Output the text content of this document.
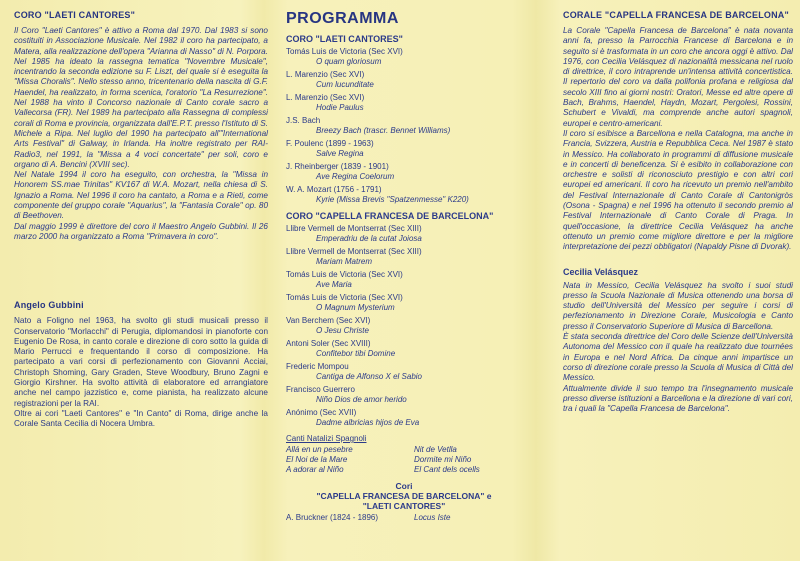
CORO "LAETI CANTORES"

Il Coro "Laeti Cantores" è attivo a Roma dal 1970. Dal 1983 si sono costituiti in Associazione Musicale. Nel 1982 il coro ha partecipato, a Matera, alla realizzazione dell'opera "Arianna di Nasso" di N. Porpora. Nel 1985 ha ideato la rassegna tematica "Novembre Musicale", incentrando la seconda edizione su F. Liszt, del quale si è eseguita la "Missa Choralis". Nello stesso anno, tricentenario della nascita di G.F. Haendel, ha realizzato, in forma scenica, l'oratorio "La Resurrezione". Nel 1988 ha vinto il Concorso nazionale di Canto corale sacro a Vallecorsa (FR). Nel 1989 ha partecipato alla Rassegna di complessi corali di Roma e provincia, organizzata dall'E.P.T. presso l'Istituto di S. Michele a Ripa. Nel luglio del 1990 ha partecipato all'"International Arts Festival" di Galway, in Irlanda. Ha inoltre registrato per RAI-Radio3, nel 1991, la "Missa a 4 voci concertate" per soli, coro e organo di A. Bencini (XVIII sec).

Nel Natale 1994 il coro ha eseguito, con orchestra, la "Missa in Honorem SS.mae Trinitas" KV167 di W.A. Mozart, nella chiesa di S. Ignazio a Roma. Nel 1996 il coro ha cantato, a Roma e a Rieti, come componente del gruppo corale "Aquarius", la "Fantasia Corale" op. 80 di Beethoven.

Dal maggio 1999 è direttore del coro il Maestro Angelo Gubbini. Il 26 marzo 2000 ha organizzato a Roma "Primavera in coro".

Angelo Gubbini

Nato a Foligno nel 1963, ha svolto gli studi musicali presso il Conservatorio "Morlacchi" di Perugia, diplomandosi in pianoforte con Eugenio De Rosa, in canto corale e direzione di coro sotto la guida di Mario Perrucci e frequentando il corso di composizione. Ha partecipato a vari corsi di perfezionamento con Giovanni Acciai, Christoph Shoming, Gary Graden, Steve Woodbury, Bruno Zagni e Giorgio Kirshner. Ha svolto attività di elaboratore ed arrangiatore anche nel campo jazzistico e, come pianista, ha realizzato alcune registrazioni per la RAI.

Oltre ai cori "Laeti Cantores" e "In Canto" di Roma, dirige anche la Corale Santa Cecilia di Nocera Umbra.

PROGRAMMA
CORO "LAETI CANTORES"
Tomás Luis de Victoria (Sec XVI)
O quam gloriosum
L. Marenzio (Sec XVI)
Cum lucunditate
L. Marenzio (Sec XVI)
Hodie Paulus
J.S. Bach
Breezy Bach (trascr. Bennet Williams)
F. Poulenc (1899 - 1963)
Salve Regina
J. Rheinberger (1839 - 1901)
Ave Regina Coelorum
W. A. Mozart (1756 - 1791)
Kyrie (Missa Brevis "Spatzenmesse" K220)
CORO "CAPELLA FRANCESA DE BARCELONA"
Llibre Vermell de Montserrat (Sec XIII)
Emperadriu de la cutat Joiosa
Llibre Vermell de Montserrat (Sec XIII)
Mariam Matrem
Tomás Luis de Victoria (Sec XVI)
Ave Maria
Tomás Luis de Victoria (Sec XVI)
O Magnum Mysterium
Van Berchem (Sec XVI)
O Jesu Christe
Antoni Soler (Sec XVIII)
Confitebor tibi Domine
Frederic Mompou
Cantiga de Alfonso X el Sabio
Francisco Guerrero
Niño Dios de amor herido
Anónimo (Sec XVII)
Dadme albricias hijos de Eva
Canti Natalizi Spagnoli
Allá en un pesebre
El Noi de la Mare
A adorar al Niño
Nit de Vetlla
Dormite mi Niño
El Cant dels ocells
Cori
"CAPELLA FRANCESA DE BARCELONA" e
"LAETI CANTORES"
A. Bruckner (1824 - 1896)	Locus Iste
CORALE "CAPELLA FRANCESA DE BARCELONA"

La Corale "Capella Francesa de Barcelona" è nata novanta anni fa, presso la Parrocchia Francese di Barcelona e in seguito si è trasformata in un coro che ancora oggi è attivo. Dal 1976, con Cecilia Velásquez di nazionalità messicana nel ruolo di direttrice, il coro intraprende un'intensa attività concertistica. Il repertorio del coro va dalla polifonia profana e religiosa dal secolo XIII fino ai giorni nostri: Oratori, Messe ed altre opere di Bach, Brahms, Haendel, Haydn, Mozart, Pergolesi, Rossini, Schubert e Vivaldi, ma comprende anche autori spagnoli, europei e centro-americani.

Il coro si esibisce a Barcellona e nella Catalogna, ma anche in Francia, Svizzera, Austria e Repubblica Ceca. Nel 1987 è stato in Messico. Ha collaborato in programmi di diffusione musicale e in concerti di beneficenza. Si è esibito in collaborazione con orchestre e solisti di riconosciuto prestigio e con altri cori europei ed americani. Il coro ha ricevuto un premio nell'ambito del Festival Internazionale di Canto Corale di Cantonigròs (Osona - Spagna) e nel 1996 ha ottenuto il secondo premio al Festival Internazionale di Canto Corale di Praga. In quell'occasione, la direttrice Cecilia Velásquez ha anche ottenuto un premio come migliore direttore e per la migliore interpretazione dei pezzi obbligatori (Napaldy Pisne di Dvorak).

Cecilia Velásquez

Nata in Messico, Cecilia Velásquez ha svolto i suoi studi presso la Scuola Nazionale di Musica ottenendo una borsa di studio dell'Università del Messico per seguire i corsi di perfezionamento in Direzione Corale, Musicologia e Canto presso il Conservatorio Superiore di Musica di Barcellona.

È stata seconda direttrice del Coro delle Scienze dell'Università Autonoma del Messico con il quale ha realizzato due tournées in Europa e nel Nord Africa. Da cinque anni impartisce un corso di direzione corale presso la Scuola di Musica di Città del Messico.

Attualmente divide il suo tempo tra l'insegnamento musicale presso diverse istituzioni a Barcellona e la direzione di vari cori, tra i quali la "Capella Francesa de Barcelona".
